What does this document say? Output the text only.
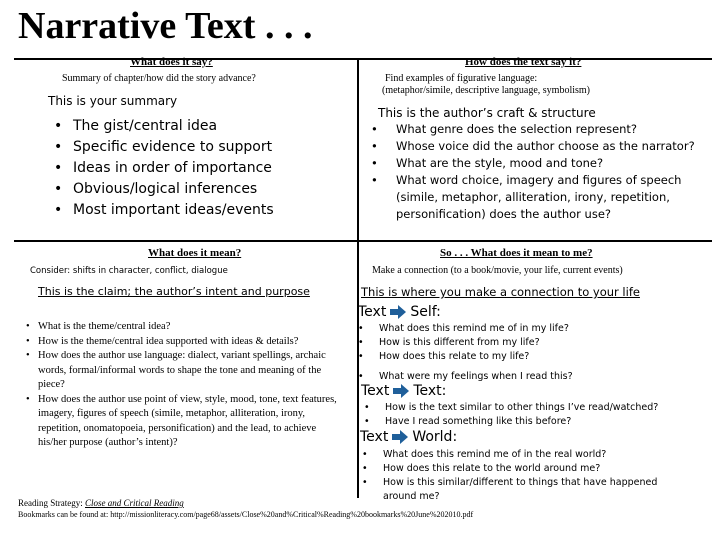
Narrative Text . . .
What does it say?
Summary of chapter/how did the story advance?
This is your summary
• The gist/central idea
• Specific evidence to support
• Ideas in order of importance
• Obvious/logical inferences
• Most important ideas/events
How does the text say it?
Find examples of figurative language:
(metaphor/simile, descriptive language, symbolism)
This is the author’s craft & structure
• What genre does the selection represent?
• Whose voice did the author choose as the narrator?
• What are the style, mood and tone?
• What word choice, imagery and figures of speech (simile, metaphor, alliteration, irony, repetition, personification) does the author use?
What does it mean?
Consider: shifts in character, conflict, dialogue
This is the claim; the author’s intent and purpose
• What is the theme/central idea?
• How is the theme/central idea supported with ideas & details?
• How does the author use language: dialect, variant spellings, archaic words, formal/informal words to shape the tone and meaning of the piece?
• How does the author use point of view, style, mood, tone, text features, imagery, figures of speech (simile, metaphor, alliteration, irony, repetition, onomatopoeia, personification) and the lead, to achieve his/her purpose (author’s intent)?
So . . . What does it mean to me?
Make a connection (to a book/movie, your life, current events)
This is where you make a connection to your life
Text Self:
• What does this remind me of in my life?
• How is this different from my life?
• How does this relate to my life?
• What were my feelings when I read this?
Text Text:
• How is the text similar to other things I’ve read/watched?
• Have I read something like this before?
Text World:
• What does this remind me of in the real world?
• How does this relate to the world around me?
• How is this similar/different to things that have happened around me?
Reading Strategy: Close and Critical Reading
Bookmarks can be found at: http://missionliteracy.com/page68/assets/Close%20and%Critical%Reading%20bookmarks%20June%202010.pdf
